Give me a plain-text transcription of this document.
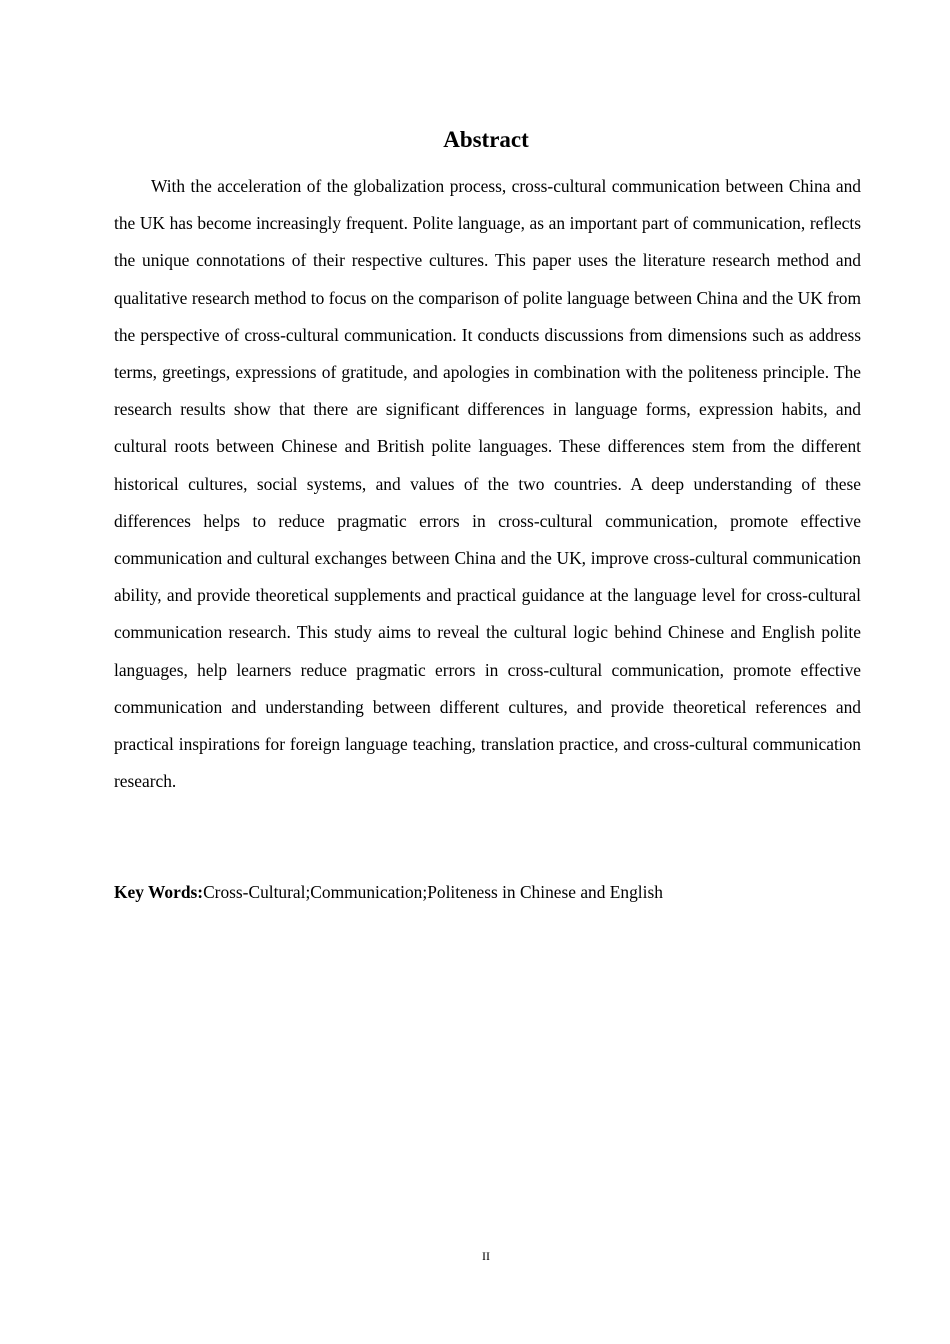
Abstract

With the acceleration of the globalization process, cross-cultural communication between China and the UK has become increasingly frequent. Polite language, as an important part of communication, reflects the unique connotations of their respective cultures. This paper uses the literature research method and qualitative research method to focus on the comparison of polite language between China and the UK from the perspective of cross-cultural communication. It conducts discussions from dimensions such as address terms, greetings, expressions of gratitude, and apologies in combination with the politeness principle. The research results show that there are significant differences in language forms, expression habits, and cultural roots between Chinese and British polite languages. These differences stem from the different historical cultures, social systems, and values of the two countries. A deep understanding of these differences helps to reduce pragmatic errors in cross-cultural communication, promote effective communication and cultural exchanges between China and the UK, improve cross-cultural communication ability, and provide theoretical supplements and practical guidance at the language level for cross-cultural communication research. This study aims to reveal the cultural logic behind Chinese and English polite languages, help learners reduce pragmatic errors in cross-cultural communication, promote effective communication and understanding between different cultures, and provide theoretical references and practical inspirations for foreign language teaching, translation practice, and cross-cultural communication research.

Key Words:Cross-Cultural;Communication;Politeness in Chinese and English

II
